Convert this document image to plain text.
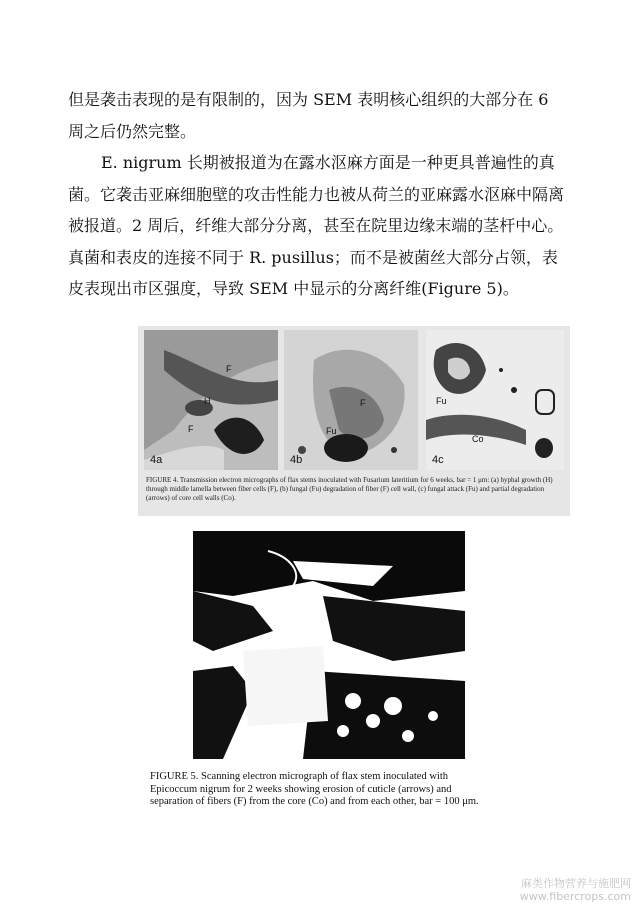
但是袭击表现的是有限制的，因为 SEM 表明核心组织的大部分在 6 周之后仍然完整。

E. nigrum 长期被报道为在露水沤麻方面是一种更具普遍性的真菌。它袭击亚麻细胞壁的攻击性能力也被从荷兰的亚麻露水沤麻中隔离被报道。2 周后，纤维大部分分离，甚至在院里边缘末端的茎杆中心。真菌和表皮的连接不同于 R. pusillus；而不是被菌丝大部分占领，表皮表现出市区强度，导致 SEM 中显示的分离纤维(Figure 5)。

F
H
F
4a
F
Fu
4b
Fu
Co
4c

FIGURE 4. Transmission electron micrographs of flax stems inoculated with Fusarium lateritium for 6 weeks, bar = 1 μm: (a) hyphal growth (H) through middle lamella between fiber cells (F), (b) fungal (Fu) degradation of fiber (F) cell wall, (c) fungal attack (Fu) and partial degradation (arrows) of core cell walls (Co).

FIGURE 5. Scanning electron micrograph of flax stem inoculated with Epicoccum nigrum for 2 weeks showing erosion of cuticle (arrows) and separation of fibers (F) from the core (Co) and from each other, bar = 100 μm.

麻类作物营养与施肥网
www.fibercrops.com
